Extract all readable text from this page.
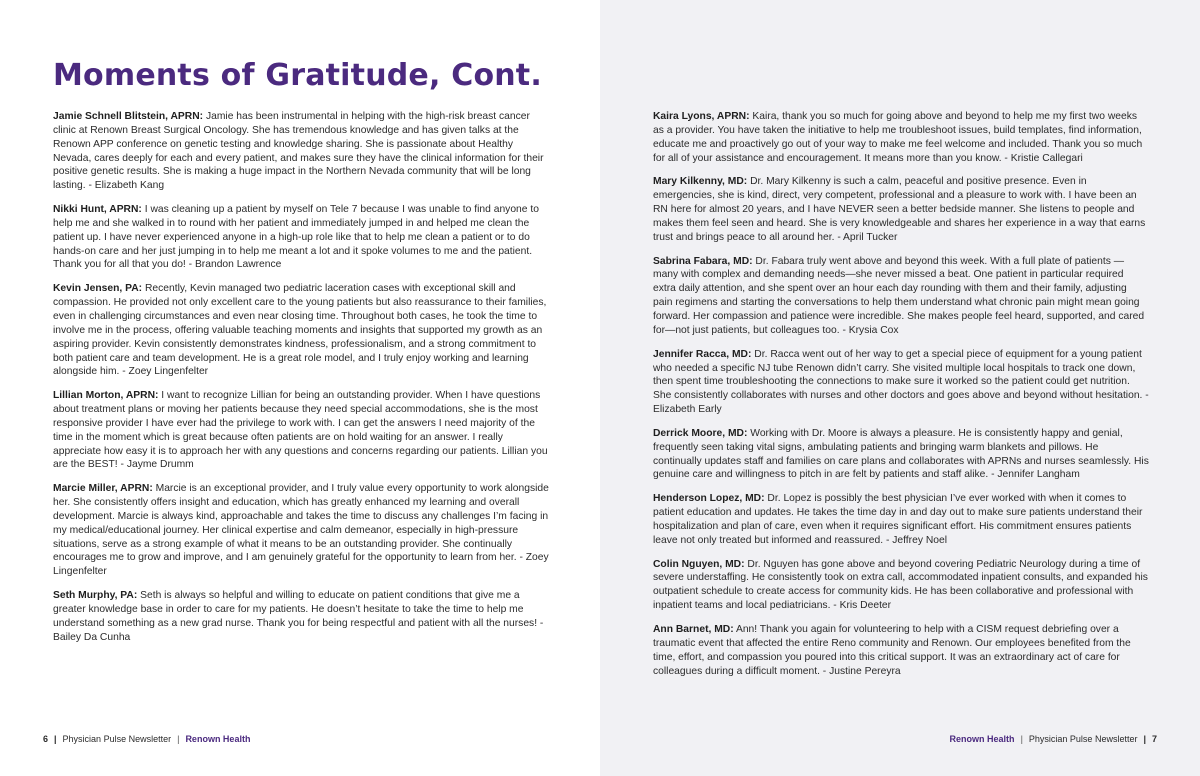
Moments of Gratitude, Cont.

Jamie Schnell Blitstein, APRN: Jamie has been instrumental in helping with the high-risk breast cancer clinic at Renown Breast Surgical Oncology. She has tremendous knowledge and has given talks at the Renown APP conference on genetic testing and knowledge sharing. She is passionate about Healthy Nevada, cares deeply for each and every patient, and makes sure they have the clinical information for their positive genetic results. She is making a huge impact in the Northern Nevada community that will be long lasting. - Elizabeth Kang

Nikki Hunt, APRN: I was cleaning up a patient by myself on Tele 7 because I was unable to find anyone to help me and she walked in to round with her patient and immediately jumped in and helped me clean the patient up. I have never experienced anyone in a high-up role like that to help me clean a patient or to do hands-on care and her just jumping in to help me meant a lot and it spoke volumes to me and the patient. Thank you for all that you do! - Brandon Lawrence

Kevin Jensen, PA: Recently, Kevin managed two pediatric laceration cases with exceptional skill and compassion. He provided not only excellent care to the young patients but also reassurance to their families, even in challenging circumstances and even near closing time. Throughout both cases, he took the time to involve me in the process, offering valuable teaching moments and insights that supported my growth as an aspiring provider. Kevin consistently demonstrates kindness, professionalism, and a strong commitment to both patient care and team development. He is a great role model, and I truly enjoy working and learning alongside him. - Zoey Lingenfelter

Lillian Morton, APRN: I want to recognize Lillian for being an outstanding provider. When I have questions about treatment plans or moving her patients because they need special accommodations, she is the most responsive provider I have ever had the privilege to work with. I can get the answers I need majority of the time in the moment which is great because often patients are on hold waiting for an answer. I really appreciate how easy it is to approach her with any questions and concerns regarding our patients. Lillian you are the BEST! - Jayme Drumm

Marcie Miller, APRN: Marcie is an exceptional provider, and I truly value every opportunity to work alongside her. She consistently offers insight and education, which has greatly enhanced my learning and overall development. Marcie is always kind, approachable and takes the time to discuss any challenges I’m facing in my medical/educational journey. Her clinical expertise and calm demeanor, especially in high-pressure situations, serve as a strong example of what it means to be an outstanding provider. She continually encourages me to grow and improve, and I am genuinely grateful for the opportunity to learn from her. - Zoey Lingenfelter

Seth Murphy, PA: Seth is always so helpful and willing to educate on patient conditions that give me a greater knowledge base in order to care for my patients. He doesn’t hesitate to take the time to help me understand something as a new grad nurse. Thank you for being respectful and patient with all the nurses! - Bailey Da Cunha

6 | Physician Pulse Newsletter | Renown Health

Kaira Lyons, APRN: Kaira, thank you so much for going above and beyond to help me my first two weeks as a provider. You have taken the initiative to help me troubleshoot issues, build templates, find information, educate me and proactively go out of your way to make me feel welcome and included. Thank you so much for all of your assistance and encouragement. It means more than you know. - Kristie Callegari

Mary Kilkenny, MD: Dr. Mary Kilkenny is such a calm, peaceful and positive presence. Even in emergencies, she is kind, direct, very competent, professional and a pleasure to work with. I have been an RN here for almost 20 years, and I have NEVER seen a better bedside manner. She listens to people and makes them feel seen and heard. She is very knowledgeable and shares her experience in a way that earns trust and brings peace to all around her. - April Tucker

Sabrina Fabara, MD: Dr. Fabara truly went above and beyond this week. With a full plate of patients — many with complex and demanding needs—she never missed a beat. One patient in particular required extra daily attention, and she spent over an hour each day rounding with them and their family, adjusting pain regimens and starting the conversations to help them understand what chronic pain might mean going forward. Her compassion and patience were incredible. She makes people feel heard, supported, and cared for—not just patients, but colleagues too. - Krysia Cox

Jennifer Racca, MD: Dr. Racca went out of her way to get a special piece of equipment for a young patient who needed a specific NJ tube Renown didn’t carry. She visited multiple local hospitals to track one down, then spent time troubleshooting the connections to make sure it worked so the patient could get nutrition. She consistently collaborates with nurses and other doctors and goes above and beyond without hesitation. - Elizabeth Early

Derrick Moore, MD: Working with Dr. Moore is always a pleasure. He is consistently happy and genial, frequently seen taking vital signs, ambulating patients and bringing warm blankets and pillows. He continually updates staff and families on care plans and collaborates with APRNs and nurses seamlessly. His genuine care and willingness to pitch in are felt by patients and staff alike. - Jennifer Langham

Henderson Lopez, MD: Dr. Lopez is possibly the best physician I’ve ever worked with when it comes to patient education and updates. He takes the time day in and day out to make sure patients understand their hospitalization and plan of care, even when it requires significant effort. His commitment ensures patients leave not only treated but informed and reassured. - Jeffrey Noel

Colin Nguyen, MD: Dr. Nguyen has gone above and beyond covering Pediatric Neurology during a time of severe understaffing. He consistently took on extra call, accommodated inpatient consults, and expanded his outpatient schedule to create access for community kids. He has been collaborative and professional with inpatient teams and local pediatricians. - Kris Deeter

Ann Barnet, MD: Ann! Thank you again for volunteering to help with a CISM request debriefing over a traumatic event that affected the entire Reno community and Renown. Our employees benefited from the time, effort, and compassion you poured into this critical support. It was an extraordinary act of care for colleagues during a difficult moment. - Justine Pereyra

Renown Health | Physician Pulse Newsletter | 7
